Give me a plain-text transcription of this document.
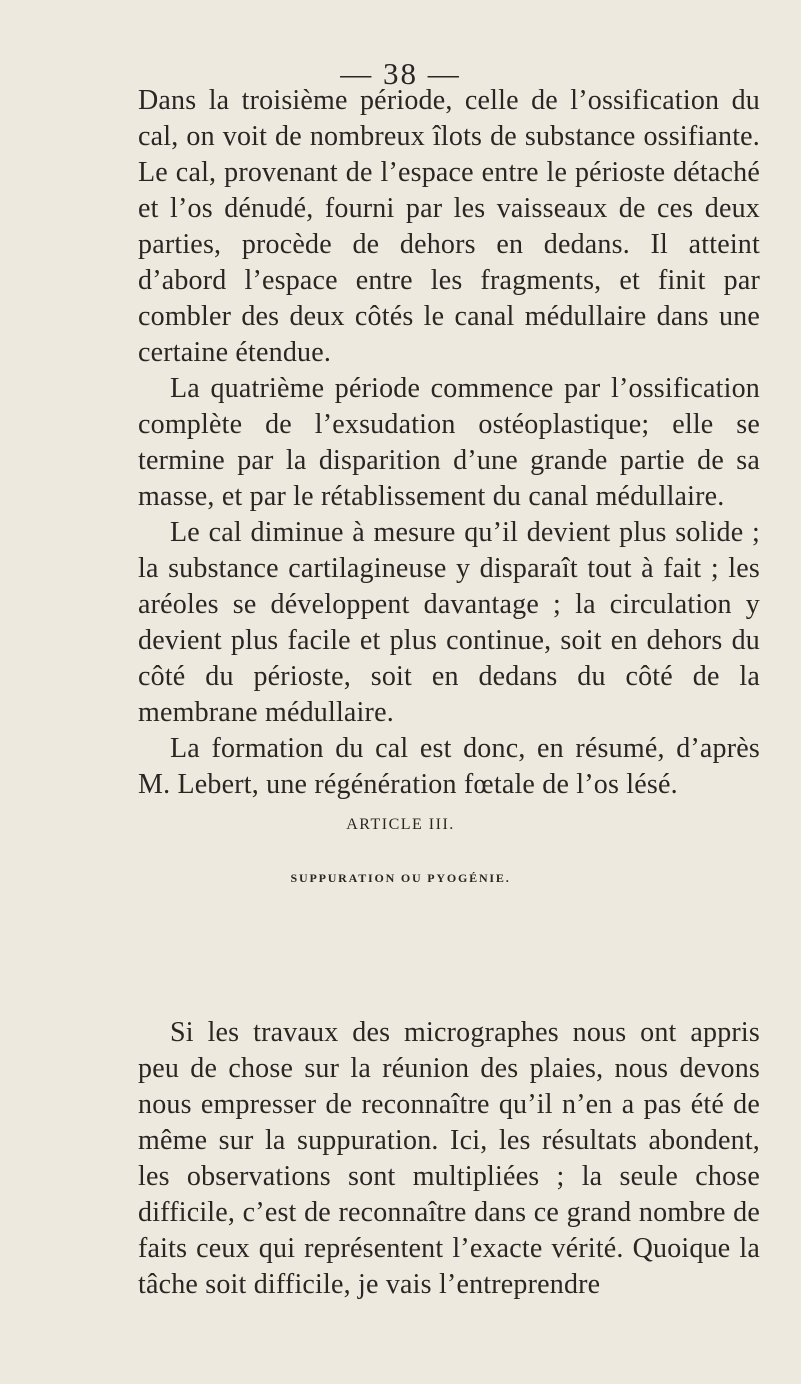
— 38 —

Dans la troisième période, celle de l’ossification du cal, on voit de nombreux îlots de substance ossifiante. Le cal, provenant de l’espace entre le périoste détaché et l’os dénudé, fourni par les vaisseaux de ces deux parties, procède de dehors en dedans. Il atteint d’abord l’espace entre les fragments, et finit par combler des deux côtés le canal médullaire dans une certaine étendue.

La quatrième période commence par l’ossification complète de l’exsudation ostéoplastique; elle se termine par la disparition d’une grande partie de sa masse, et par le rétablissement du canal médullaire.

Le cal diminue à mesure qu’il devient plus solide ; la substance cartilagineuse y disparaît tout à fait ; les aréoles se développent davantage ; la circulation y devient plus facile et plus continue, soit en dehors du côté du périoste, soit en dedans du côté de la membrane médullaire.

La formation du cal est donc, en résumé, d’après M. Lebert, une régénération fœtale de l’os lésé.

ARTICLE III.
SUPPURATION OU PYOGÉNIE.

Si les travaux des micrographes nous ont appris peu de chose sur la réunion des plaies, nous devons nous empresser de reconnaître qu’il n’en a pas été de même sur la suppuration. Ici, les résultats abondent, les observations sont multipliées ; la seule chose difficile, c’est de reconnaître dans ce grand nombre de faits ceux qui représentent l’exacte vérité. Quoique la tâche soit difficile, je vais l’entreprendre
